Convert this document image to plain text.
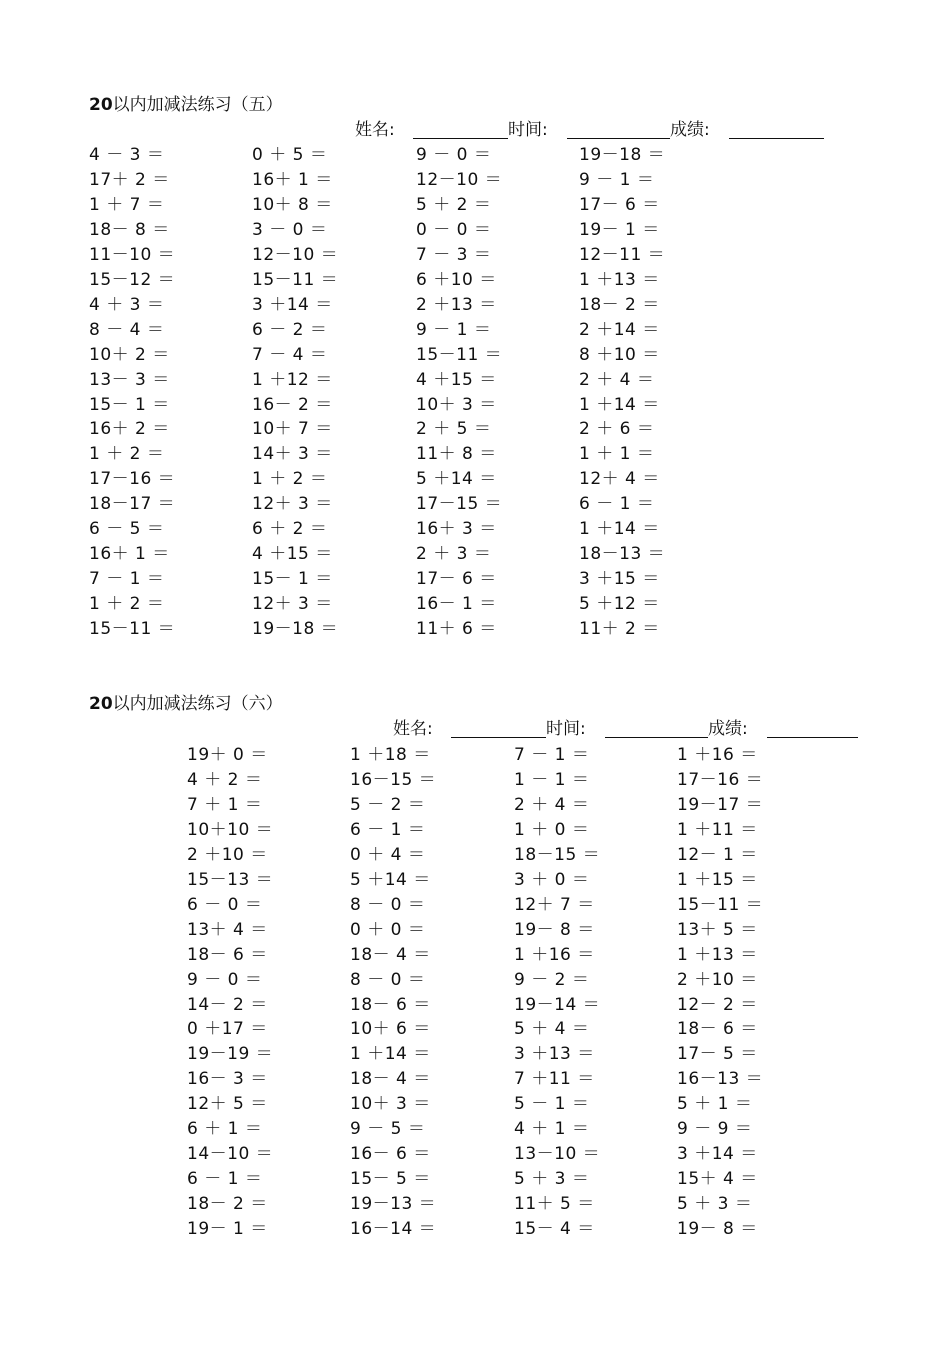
20以内加减法练习（五）
姓名:	时间:	成绩:
4 － 3 ＝	0 ＋ 5 ＝	9 － 0 ＝	19－18 ＝
17＋ 2 ＝	16＋ 1 ＝	12－10 ＝	9 － 1 ＝
1 ＋ 7 ＝	10＋ 8 ＝	5 ＋ 2 ＝	17－ 6 ＝
18－ 8 ＝	3 － 0 ＝	0 － 0 ＝	19－ 1 ＝
11－10 ＝	12－10 ＝	7 － 3 ＝	12－11 ＝
15－12 ＝	15－11 ＝	6 ＋10 ＝	1 ＋13 ＝
4 ＋ 3 ＝	3 ＋14 ＝	2 ＋13 ＝	18－ 2 ＝
8 － 4 ＝	6 － 2 ＝	9 － 1 ＝	2 ＋14 ＝
10＋ 2 ＝	7 － 4 ＝	15－11 ＝	8 ＋10 ＝
13－ 3 ＝	1 ＋12 ＝	4 ＋15 ＝	2 ＋ 4 ＝
15－ 1 ＝	16－ 2 ＝	10＋ 3 ＝	1 ＋14 ＝
16＋ 2 ＝	10＋ 7 ＝	2 ＋ 5 ＝	2 ＋ 6 ＝
1 ＋ 2 ＝	14＋ 3 ＝	11＋ 8 ＝	1 ＋ 1 ＝
17－16 ＝	1 ＋ 2 ＝	5 ＋14 ＝	12＋ 4 ＝
18－17 ＝	12＋ 3 ＝	17－15 ＝	6 － 1 ＝
6 － 5 ＝	6 ＋ 2 ＝	16＋ 3 ＝	1 ＋14 ＝
16＋ 1 ＝	4 ＋15 ＝	2 ＋ 3 ＝	18－13 ＝
7 － 1 ＝	15－ 1 ＝	17－ 6 ＝	3 ＋15 ＝
1 ＋ 2 ＝	12＋ 3 ＝	16－ 1 ＝	5 ＋12 ＝
15－11 ＝	19－18 ＝	11＋ 6 ＝	11＋ 2 ＝
20以内加减法练习（六）
姓名:	时间:	成绩:
19＋ 0 ＝	1 ＋18 ＝	7 － 1 ＝	1 ＋16 ＝
4 ＋ 2 ＝	16－15 ＝	1 － 1 ＝	17－16 ＝
7 ＋ 1 ＝	5 － 2 ＝	2 ＋ 4 ＝	19－17 ＝
10＋10 ＝	6 － 1 ＝	1 ＋ 0 ＝	1 ＋11 ＝
2 ＋10 ＝	0 ＋ 4 ＝	18－15 ＝	12－ 1 ＝
15－13 ＝	5 ＋14 ＝	3 ＋ 0 ＝	1 ＋15 ＝
6 － 0 ＝	8 － 0 ＝	12＋ 7 ＝	15－11 ＝
13＋ 4 ＝	0 ＋ 0 ＝	19－ 8 ＝	13＋ 5 ＝
18－ 6 ＝	18－ 4 ＝	1 ＋16 ＝	1 ＋13 ＝
9 － 0 ＝	8 － 0 ＝	9 － 2 ＝	2 ＋10 ＝
14－ 2 ＝	18－ 6 ＝	19－14 ＝	12－ 2 ＝
0 ＋17 ＝	10＋ 6 ＝	5 ＋ 4 ＝	18－ 6 ＝
19－19 ＝	1 ＋14 ＝	3 ＋13 ＝	17－ 5 ＝
16－ 3 ＝	18－ 4 ＝	7 ＋11 ＝	16－13 ＝
12＋ 5 ＝	10＋ 3 ＝	5 － 1 ＝	5 ＋ 1 ＝
6 ＋ 1 ＝	9 － 5 ＝	4 ＋ 1 ＝	9 － 9 ＝
14－10 ＝	16－ 6 ＝	13－10 ＝	3 ＋14 ＝
6 － 1 ＝	15－ 5 ＝	5 ＋ 3 ＝	15＋ 4 ＝
18－ 2 ＝	19－13 ＝	11＋ 5 ＝	5 ＋ 3 ＝
19－ 1 ＝	16－14 ＝	15－ 4 ＝	19－ 8 ＝
